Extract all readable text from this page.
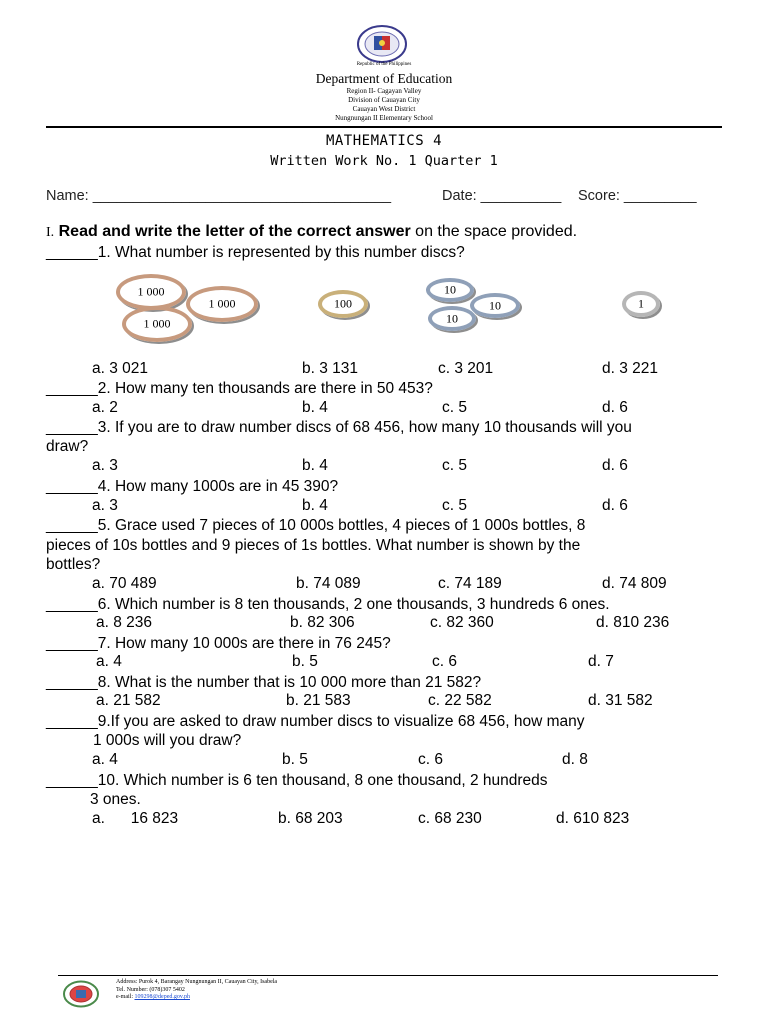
Republic of the Philippines
Department of Education
Region II- Cagayan Valley
Division of Cauayan City
Cauayan West District
Nungnungan II Elementary School
MATHEMATICS 4
Written Work No. 1 Quarter 1
Name: _____________________________________	Date: __________ Score: _________
I. Read and write the letter of the correct answer on the space provided.
______1. What number is represented by this number discs?
1 000
1 000
1 000
100
10
10
10
1
a. 3 021	b. 3 131	c. 3 201	d. 3 221
______2. How many ten thousands are there in 50 453?
a. 2	b. 4	c. 5	d. 6
______3. If you are to draw number discs of 68 456, how many 10 thousands will you
draw?
a. 3	b. 4	c. 5	d. 6
______4. How many 1000s are in 45 390?
a. 3	b. 4	c. 5	d. 6
______5. Grace used 7 pieces of 10 000s bottles, 4 pieces of 1 000s bottles, 8
pieces of 10s bottles and 9 pieces of 1s bottles. What number is shown by the
bottles?
a. 70 489	b. 74 089	c. 74 189	d. 74 809
______6. Which number is 8 ten thousands, 2 one thousands, 3 hundreds 6 ones.
a. 8 236	b. 82 306	c. 82 360	d. 810 236
______7. How many 10 000s are there in 76 245?
a. 4	b. 5	c. 6	d. 7
______8. What is the number that is 10 000 more than 21 582?
a. 21 582	b. 21 583	c. 22 582	d. 31 582
______9.If you are asked to draw number discs to visualize 68 456, how many
1 000s will you draw?
a. 4	b. 5	c. 6	d. 8
______10. Which number is 6 ten thousand, 8 one thousand, 2 hundreds
3 ones.
a.      16 823	b. 68 203	c. 68 230	d. 610 823
Address: Purok 4, Barangay Nungnungan II, Cauayan City, Isabela
Tel. Number: (078)307 5402
e-mail: 109298@deped.gov.ph
